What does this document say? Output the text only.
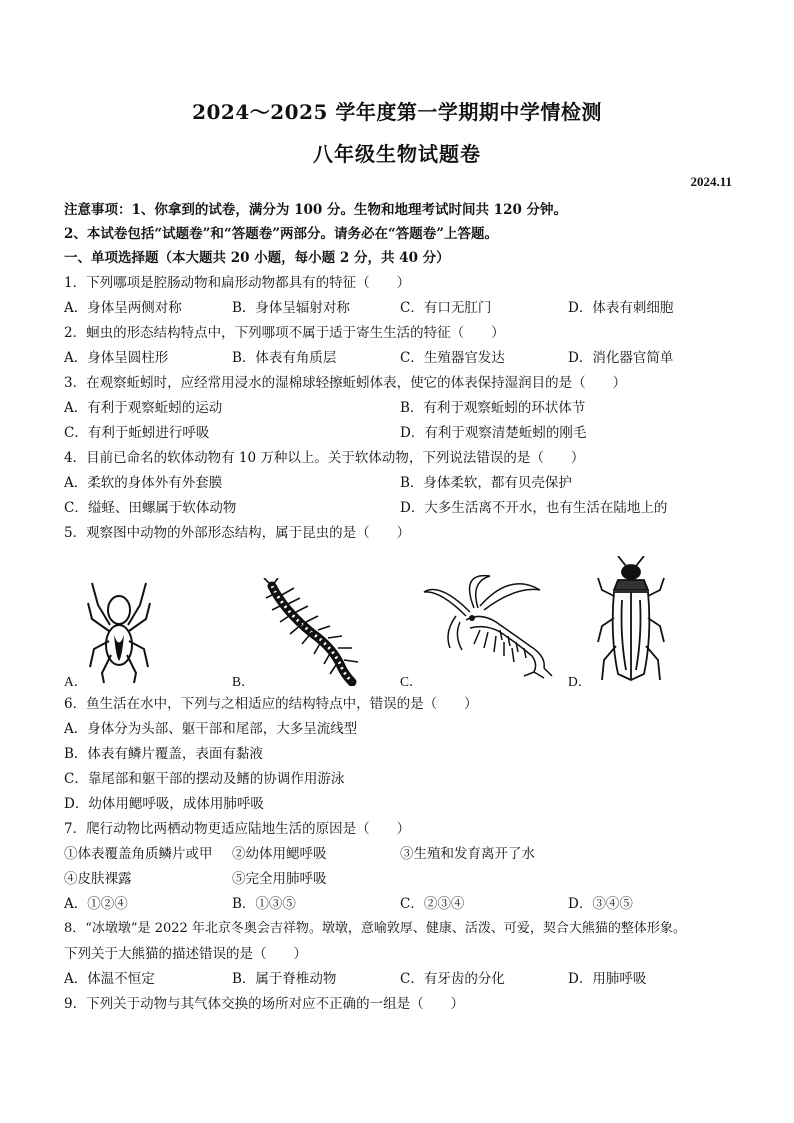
2024～2025 学年度第一学期期中学情检测
八年级生物试题卷
2024.11
注意事项：1、你拿到的试卷，满分为 100 分。生物和地理考试时间共 120 分钟。
2、本试卷包括“试题卷”和“答题卷”两部分。请务必在“答题卷”上答题。
一、单项选择题（本大题共 20 小题，每小题 2 分，共 40 分）
1．下列哪项是腔肠动物和扁形动物都具有的特征（　　）
A．身体呈两侧对称	B．身体呈辐射对称	C．有口无肛门	D．体表有刺细胞
2．蛔虫的形态结构特点中，下列哪项不属于适于寄生生活的特征（　　）
A．身体呈圆柱形	B．体表有角质层	C．生殖器官发达	D．消化器官简单
3．在观察蚯蚓时，应经常用浸水的湿棉球轻擦蚯蚓体表，使它的体表保持湿润目的是（　　）
A．有利于观察蚯蚓的运动	B．有利于观察蚯蚓的环状体节
C．有利于蚯蚓进行呼吸	D．有利于观察清楚蚯蚓的刚毛
4．目前已命名的软体动物有 10 万种以上。关于软体动物，下列说法错误的是（　　）
A．柔软的身体外有外套膜	B．身体柔软，都有贝壳保护
C．缢蛏、田螺属于软体动物	D．大多生活离不开水，也有生活在陆地上的
5．观察图中动物的外部形态结构，属于昆虫的是（　　）
A．	B．	C．	D．
6．鱼生活在水中，下列与之相适应的结构特点中，错误的是（　　）
A．身体分为头部、躯干部和尾部，大多呈流线型
B．体表有鳞片覆盖，表面有黏液
C．靠尾部和躯干部的摆动及鳍的协调作用游泳
D．幼体用鳃呼吸，成体用肺呼吸
7．爬行动物比两栖动物更适应陆地生活的原因是（　　）
①体表覆盖角质鳞片或甲 ②幼体用鳃呼吸	③生殖和发育离开了水
④皮肤裸露	⑤完全用肺呼吸
A．①②④	B．①③⑤	C．②③④	D．③④⑤
8．“冰墩墩”是 2022 年北京冬奥会吉祥物。墩墩，意喻敦厚、健康、活泼、可爱，契合大熊猫的整体形象。
下列关于大熊猫的描述错误的是（　　）
A．体温不恒定	B．属于脊椎动物	C．有牙齿的分化	D．用肺呼吸
9．下列关于动物与其气体交换的场所对应不正确的一组是（　　）
